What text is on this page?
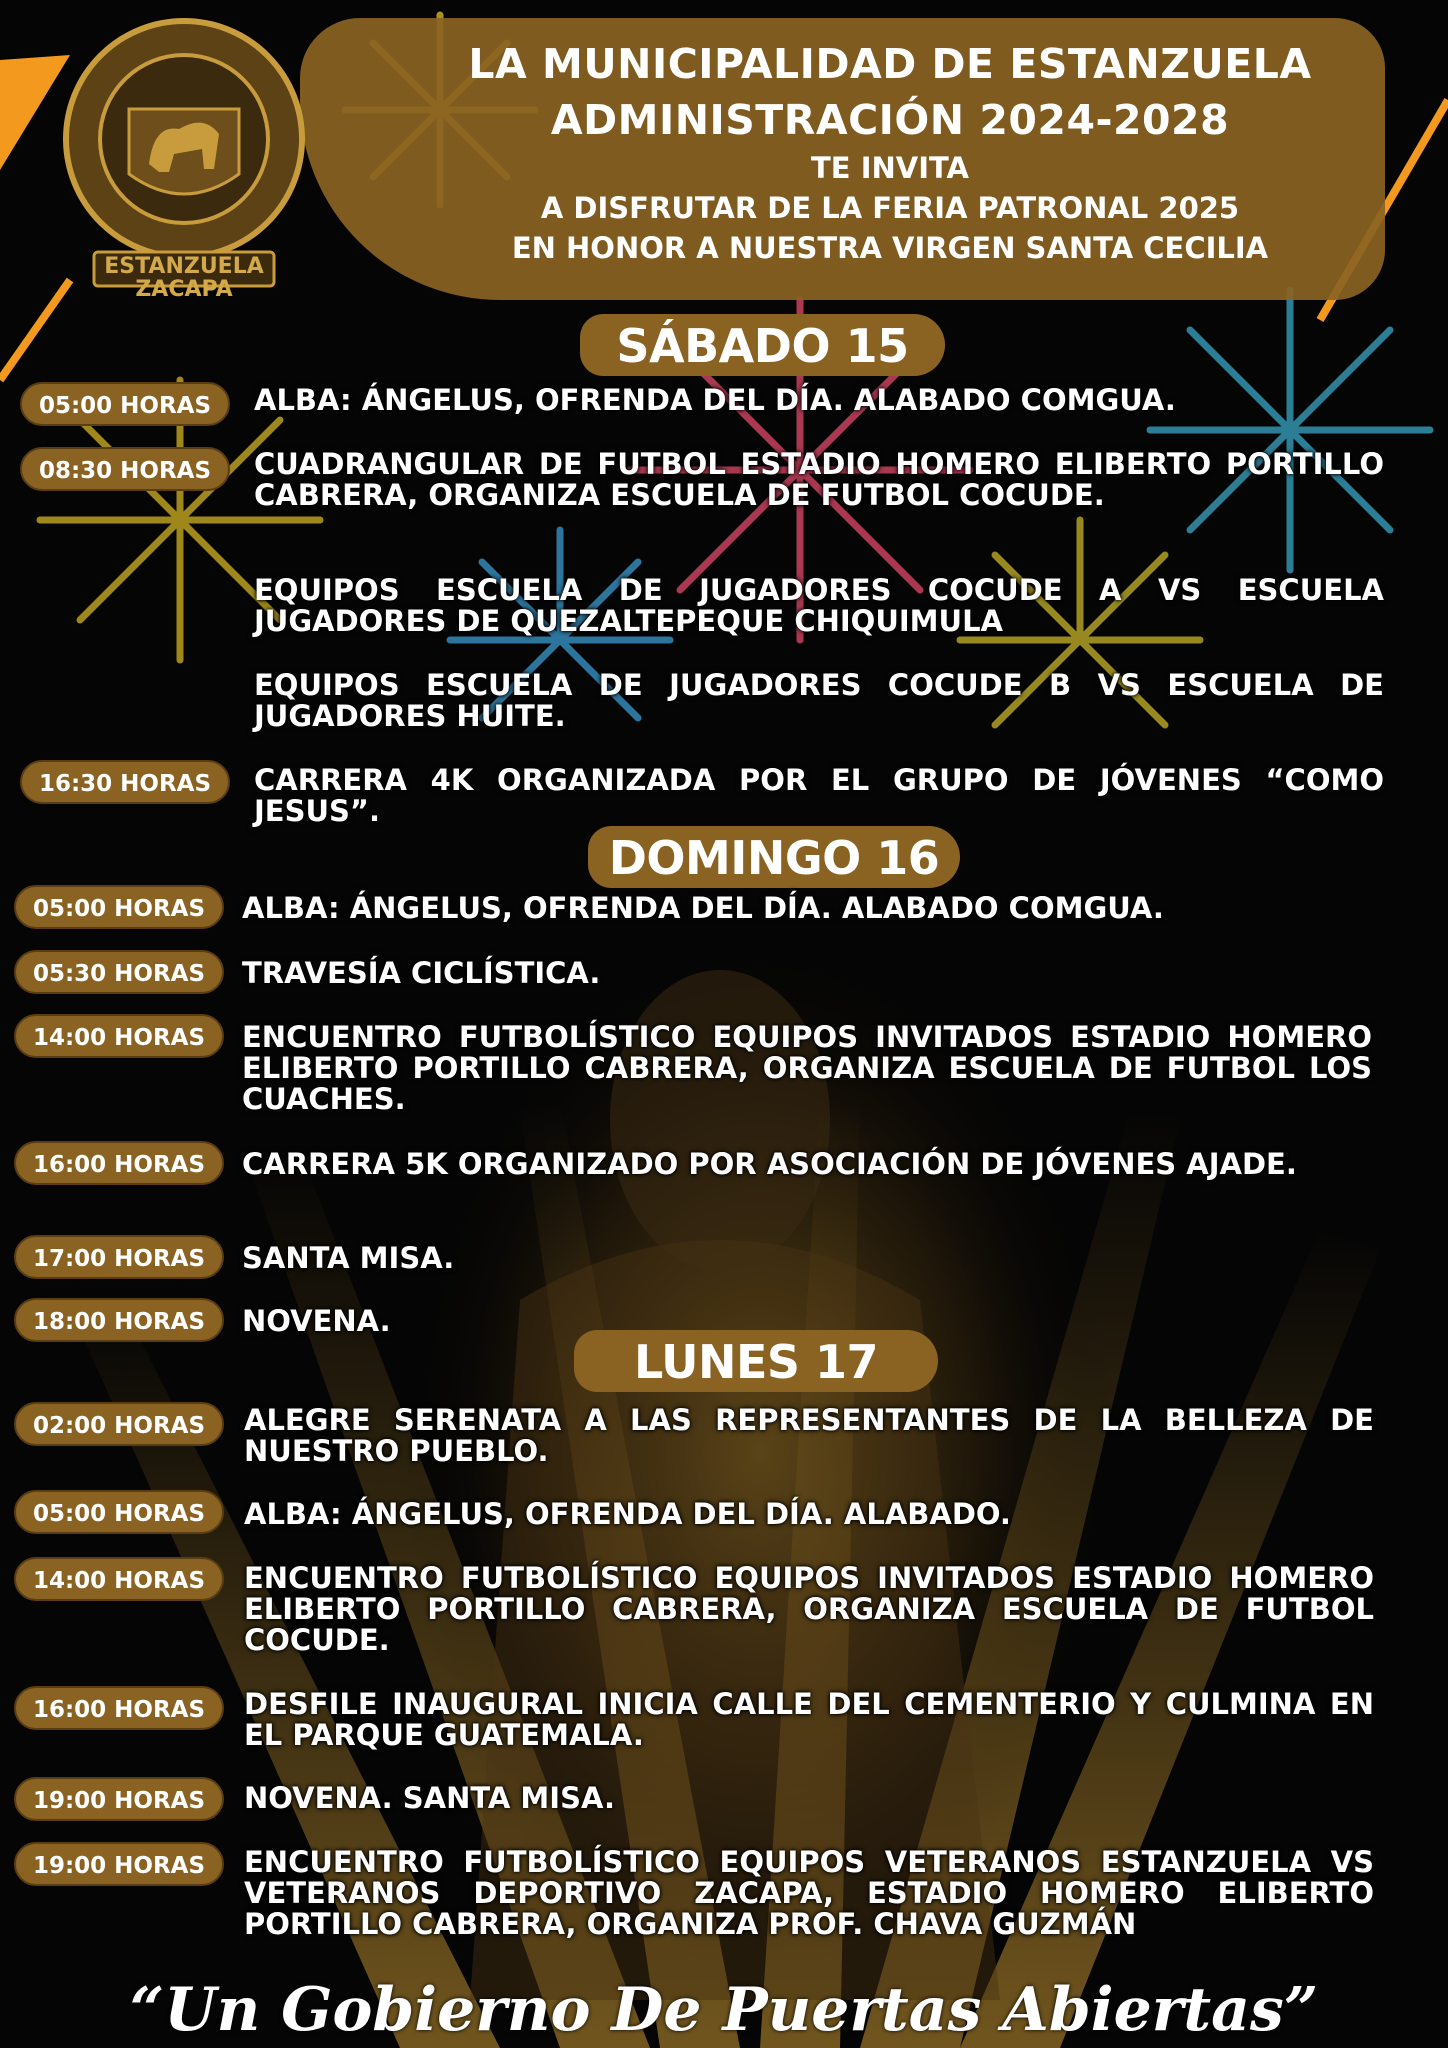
ESTANZUELA
ZACAPA
LA MUNICIPALIDAD DE ESTANZUELA
ADMINISTRACIÓN 2024-2028
TE INVITA
A DISFRUTAR DE LA FERIA PATRONAL 2025
EN HONOR A NUESTRA VIRGEN SANTA CECILIA
SÁBADO 15
05:00 HORAS	ALBA: ÁNGELUS, OFRENDA DEL DÍA. ALABADO COMGUA.
08:30 HORAS	CUADRANGULAR DE FUTBOL ESTADIO HOMERO ELIBERTO PORTILLO CABRERA, ORGANIZA ESCUELA DE FUTBOL COCUDE.
EQUIPOS ESCUELA DE JUGADORES COCUDE A VS ESCUELA JUGADORES DE QUEZALTEPEQUE CHIQUIMULA
EQUIPOS ESCUELA DE JUGADORES COCUDE B VS ESCUELA DE JUGADORES HUITE.
16:30 HORAS	CARRERA 4K ORGANIZADA POR EL GRUPO DE JÓVENES “COMO JESUS”.
DOMINGO 16
05:00 HORAS	ALBA: ÁNGELUS, OFRENDA DEL DÍA. ALABADO COMGUA.
05:30 HORAS	TRAVESÍA CICLÍSTICA.
14:00 HORAS	ENCUENTRO FUTBOLÍSTICO EQUIPOS INVITADOS ESTADIO HOMERO ELIBERTO PORTILLO CABRERA, ORGANIZA ESCUELA DE FUTBOL LOS CUACHES.
16:00 HORAS	CARRERA 5K ORGANIZADO POR ASOCIACIÓN DE JÓVENES AJADE.
17:00 HORAS	SANTA MISA.
18:00 HORAS	NOVENA.
LUNES 17
02:00 HORAS	ALEGRE SERENATA A LAS REPRESENTANTES DE LA BELLEZA DE NUESTRO PUEBLO.
05:00 HORAS	ALBA: ÁNGELUS, OFRENDA DEL DÍA. ALABADO.
14:00 HORAS	ENCUENTRO FUTBOLÍSTICO EQUIPOS INVITADOS ESTADIO HOMERO ELIBERTO PORTILLO CABRERA, ORGANIZA ESCUELA DE FUTBOL COCUDE.
16:00 HORAS	DESFILE INAUGURAL INICIA CALLE DEL CEMENTERIO Y CULMINA EN EL PARQUE GUATEMALA.
19:00 HORAS	NOVENA. SANTA MISA.
19:00 HORAS	ENCUENTRO FUTBOLÍSTICO EQUIPOS VETERANOS ESTANZUELA VS VETERANOS DEPORTIVO ZACAPA, ESTADIO HOMERO ELIBERTO PORTILLO CABRERA, ORGANIZA PROF. CHAVA GUZMÁN
“Un Gobierno De Puertas Abiertas”
